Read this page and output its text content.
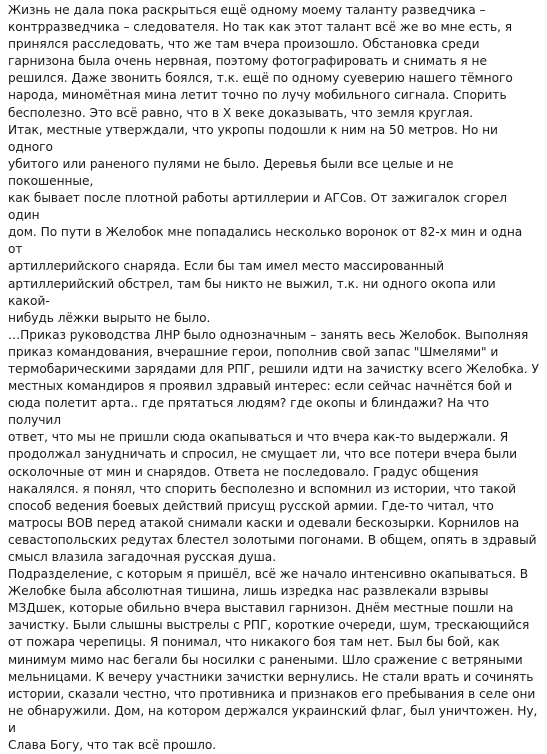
Жизнь не дала пока раскрыться ещё одному моему таланту разведчика –
контрразведчика – следователя. Но так как этот талант всё же во мне есть, я
принялся расследовать, что же там вчера произошло. Обстановка среди
гарнизона была очень нервная, поэтому фотографировать и снимать я не
решился. Даже звонить боялся, т.к. ещё по одному суеверию нашего тёмного
народа, миномётная мина летит точно по лучу мобильного сигнала. Спорить
бесполезно. Это всё равно, что в Х веке доказывать, что земля круглая.

Итак, местные утверждали, что укропы подошли к ним на 50 метров. Но ни одного
убитого или раненого пулями не было. Деревья были все целые и не покошенные,
как бывает после плотной работы артиллерии и АГСов. От зажигалок сгорел один
дом. По пути в Желобок мне попадались несколько воронок от 82-х мин и одна от
артиллерийского снаряда. Если бы там имел место массированный
артиллерийский обстрел, там бы никто не выжил, т.к. ни одного окопа или какой-
нибудь лёжки вырыто не было.

…Приказ руководства ЛНР было однозначным – занять весь Желобок. Выполняя
приказ командования, вчерашние герои, пополнив свой запас "Шмелями" и
термобарическими зарядами для РПГ, решили идти на зачистку всего Желобка. У
местных командиров я проявил здравый интерес: если сейчас начнётся бой и
сюда полетит арта.. где прятаться людям? где окопы и блиндажи? На что получил
ответ, что мы не пришли сюда окапываться и что вчера как-то выдержали. Я
продолжал занудничать и спросил, не смущает ли, что все потери вчера были
осколочные от мин и снарядов. Ответа не последовало. Градус общения
накалялся. я понял, что спорить бесполезно и вспомнил из истории, что такой
способ ведения боевых действий присущ русской армии. Где-то читал, что
матросы ВОВ перед атакой снимали каски и одевали бескозырки. Корнилов на
севастопольских редутах блестел золотыми погонами. В общем, опять в здравый
смысл влазила загадочная русская душа.

Подразделение, с которым я пришёл, всё же начало интенсивно окапываться. В
Желобке была абсолютная тишина, лишь изредка нас развлекали взрывы
МЗДшек, которые обильно вчера выставил гарнизон. Днём местные пошли на
зачистку. Были слышны выстрелы с РПГ, короткие очереди, шум, трескающийся
от пожара черепицы. Я понимал, что никакого боя там нет. Был бы бой, как
минимум мимо нас бегали бы носилки с ранеными. Шло сражение с ветряными
мельницами. К вечеру участники зачистки вернулись. Не стали врать и сочинять
истории, сказали честно, что противника и признаков его пребывания в селе они
не обнаружили. Дом, на котором держался украинский флаг, был уничтожен. Ну, и
Слава Богу, что так всё прошло.
